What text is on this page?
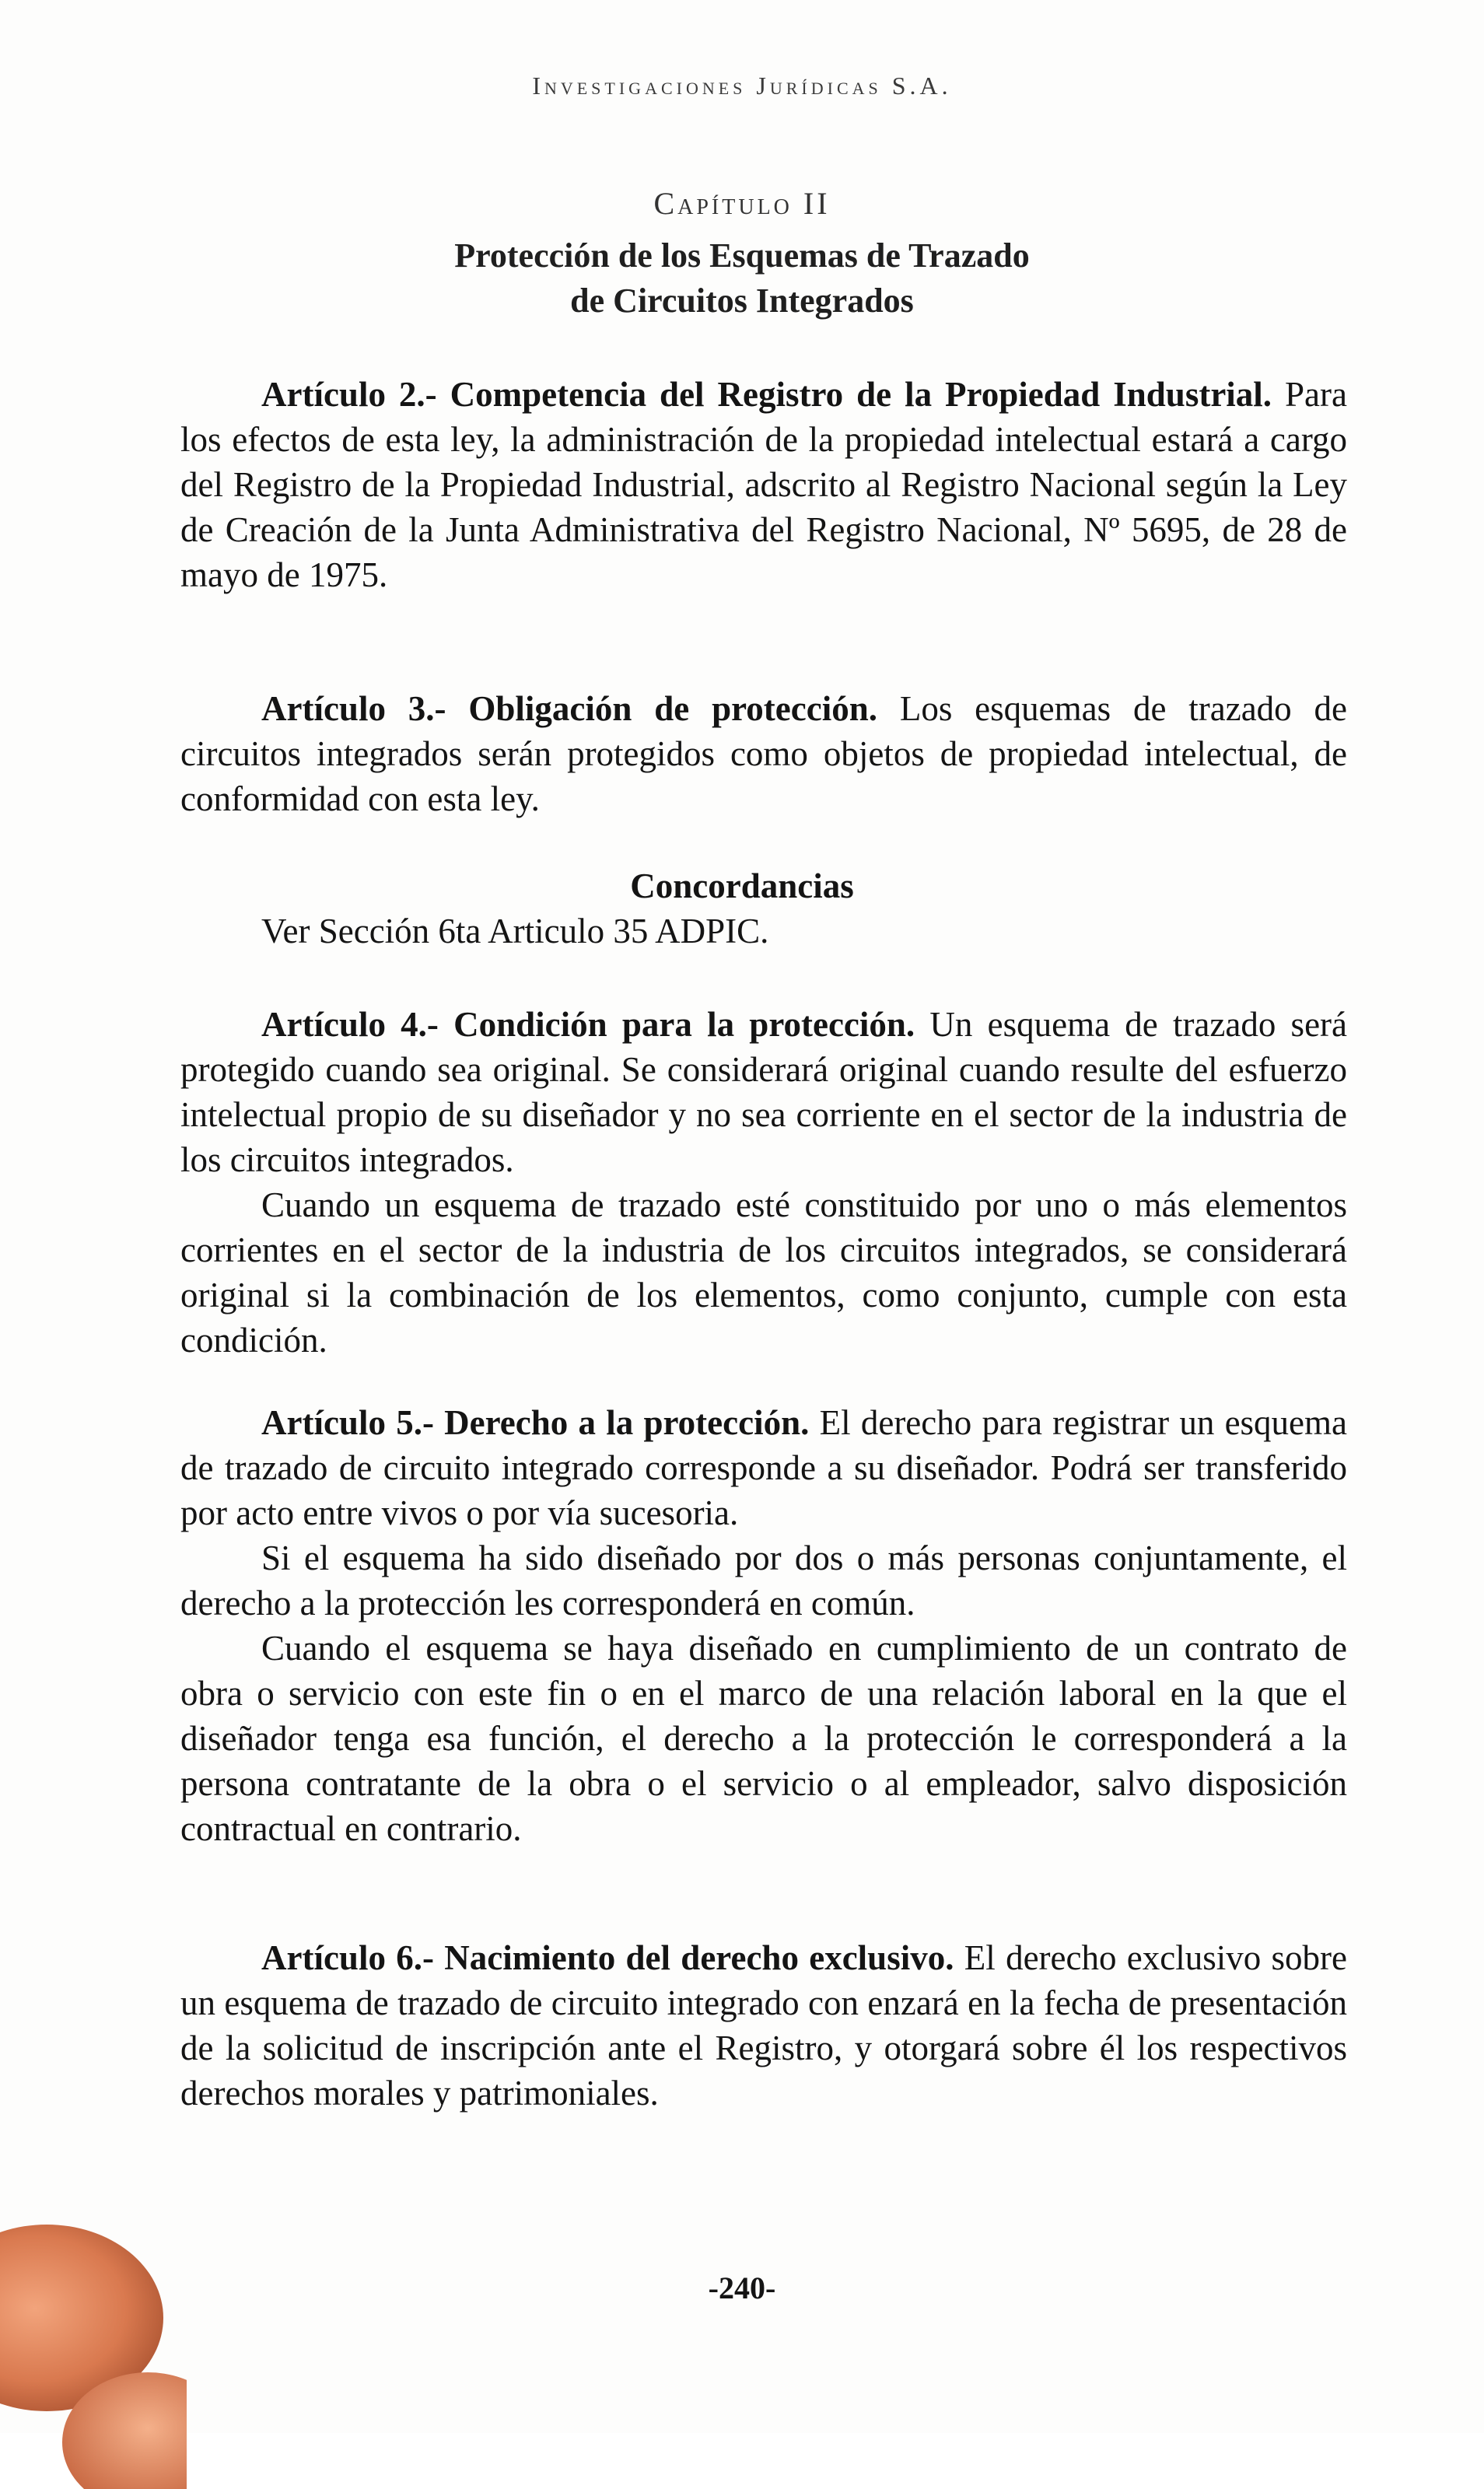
Investigaciones Jurídicas S.A.
Capítulo II
Protección de los Esquemas de Trazado
de Circuitos Integrados

Artículo 2.- Competencia del Registro de la Propiedad Industrial. Para los efectos de esta ley, la administración de la propiedad intelectual estará a cargo del Registro de la Propiedad Industrial, adscrito al Registro Nacional según la Ley de Creación de la Junta Administrativa del Registro Nacional, Nº 5695, de 28 de mayo de 1975.

Artículo 3.- Obligación de protección. Los esquemas de trazado de circuitos integrados serán protegidos como objetos de propiedad intelectual, de conformidad con esta ley.

Concordancias
Ver Sección 6ta Articulo 35 ADPIC.

Artículo 4.- Condición para la protección. Un esquema de trazado será protegido cuando sea original. Se considerará original cuando resulte del esfuerzo intelectual propio de su diseñador y no sea corriente en el sector de la industria de los circuitos integrados.

Cuando un esquema de trazado esté constituido por uno o más elementos corrientes en el sector de la industria de los circuitos integrados, se considerará original si la combinación de los elementos, como conjunto, cumple con esta condición.

Artículo 5.- Derecho a la protección. El derecho para registrar un esquema de trazado de circuito integrado corresponde a su diseñador. Podrá ser transferido por acto entre vivos o por vía sucesoria.

Si el esquema ha sido diseñado por dos o más personas conjuntamente, el derecho a la protección les corresponderá en común.

Cuando el esquema se haya diseñado en cumplimiento de un contrato de obra o servicio con este fin o en el marco de una relación laboral en la que el diseñador tenga esa función, el derecho a la protección le corresponderá a la persona contratante de la obra o el servicio o al empleador, salvo disposición contractual en contrario.

Artículo 6.- Nacimiento del derecho exclusivo. El derecho exclusivo sobre un esquema de trazado de circuito integrado con enzará en la fecha de presentación de la solicitud de inscripción ante el Registro, y otorgará sobre él los respectivos derechos morales y patrimoniales.

-240-
